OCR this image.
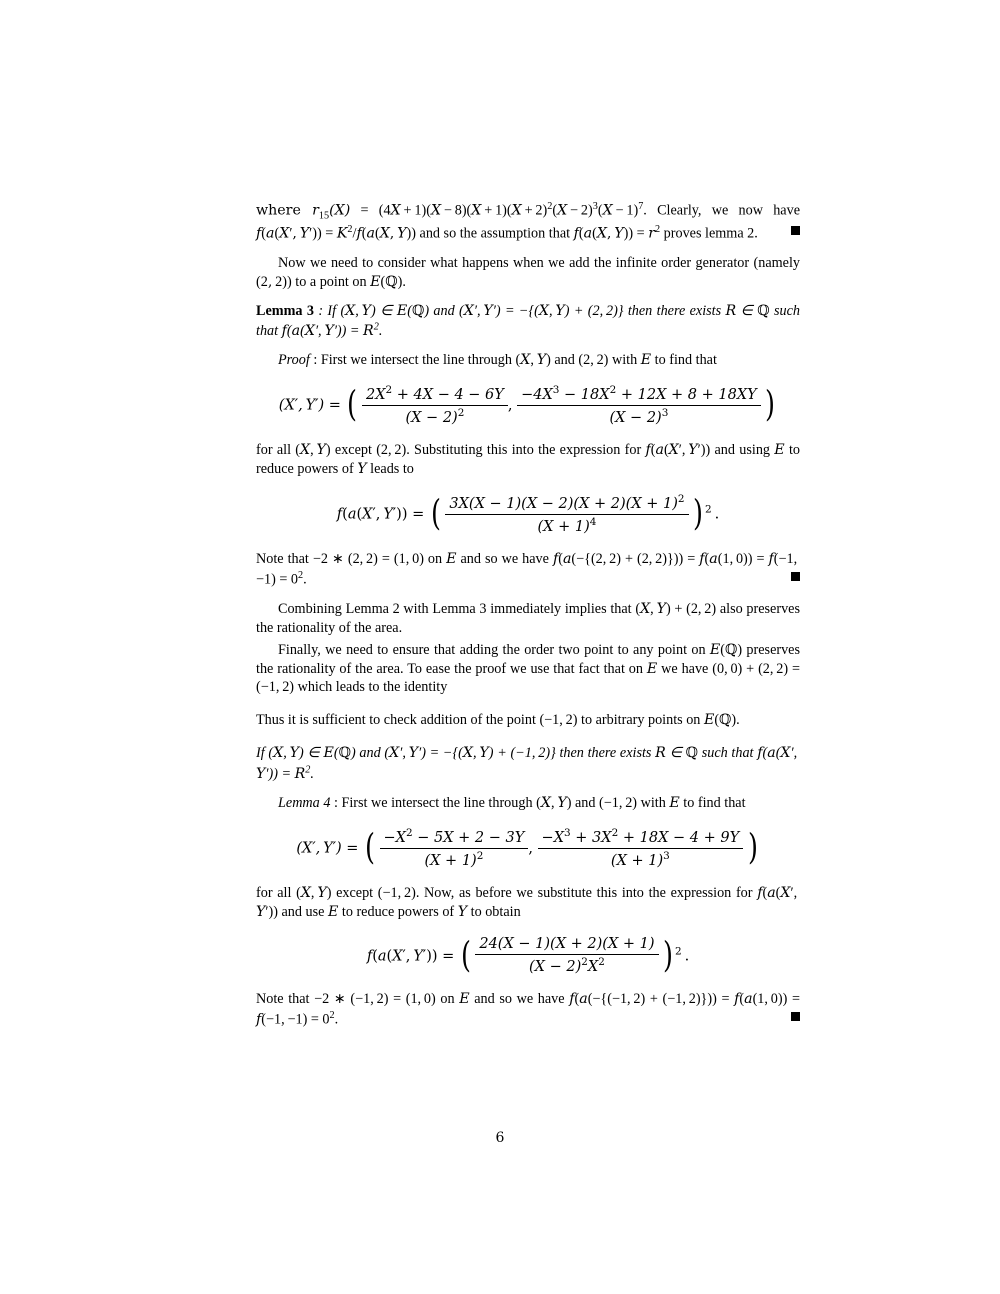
where $r_{15}(X) = (4X + 1)(X - 8)(X + 1)(X + 2)^2(X - 2)^3(X - 1)^7$. Clearly, we now have f(a(X′,  $Y')) = K^2/f(a(X$,  Y)) and so the assumption that f(a(X,  $Y)) = r^2$ proves lemma 2.

Now we need to consider what happens when we add the infinite order generator (namely (2, 2)) to a point on E(ℚ).

Lemma 3 : If (X, Y) ∈ E(ℚ) and (X′, Y′) = −{(X, Y) + (2, 2)} then there exists R ∈ ℚ such that f(a(X′, $Y')) = R^2$.

Proof : First we intersect the line through (X, Y) and (2, 2) with E to find that

(X′, Y′) = ( $\frac{2X^2 + 4X - 4 - 6Y}{(X - 2)^2}$ , $\frac{-4X^3 - 18X^2 + 12X + 8 + 18XY}{(X - 2)^3}$ )

for all (X, Y) except (2, 2). Substituting this into the expression for f(a(X′, Y′)) and using E to reduce powers of Y leads to

f(a(X′, Y′)) = ( $\frac{3X(X - 1)(X - 2)(X + 2)(X + 1)^2}{(X + 1)^4}$ ) $^2$ .

Note that −2 ∗ (2, 2) = (1, 0) on E and so we have f(a(−{(2, 2) + (2, 2)})) = f(a(1, 0)) = f(−1, $-1) = 0^2$.

Combining Lemma 2 with Lemma 3 immediately implies that (X, Y) + (2, 2) also preserves the rationality of the area.

Finally, we need to ensure that adding the order two point to any point on E(ℚ) preserves the rationality of the area. To ease the proof we use that fact that on E we have (0, 0) + (2, 2) = (−1, 2) which leads to the identity

Thus it is sufficient to check addition of the point (−1, 2) to arbitrary points on E(ℚ).

If (X, Y) ∈ E(ℚ) and (X′, Y′) = −{(X, Y) + (−1, 2)} then there exists R ∈ ℚ such that f(a(X′, $Y')) = R^2$.

Lemma 4 : First we intersect the line through (X, Y) and (−1, 2) with E to find that

(X′, Y′) = ( $\frac{-X^2 - 5X + 2 - 3Y}{(X + 1)^2}$ , $\frac{-X^3 + 3X^2 + 18X - 4 + 9Y}{(X + 1)^3}$ )

for all (X, Y) except (−1, 2). Now, as before we substitute this into the expression for f(a(X′, Y′)) and use E to reduce powers of Y to obtain

f(a(X′, Y′)) = ( $\frac{24(X - 1)(X + 2)(X + 1)}{(X - 2)^2X^2}$ ) $^2$ .

Note that −2 ∗ (−1, 2) = (1, 0) on E and so we have f(a(−{(−1, 2) + (−1, 2)})) = f(a(1, 0)) = f(−1, $-1) = 0^2$.

6
